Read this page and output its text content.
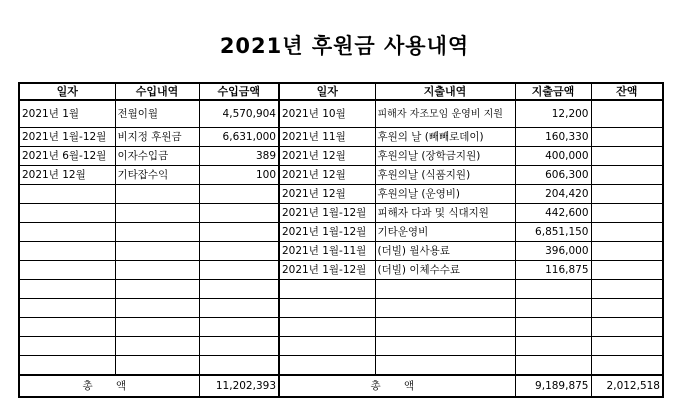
2021년 후원금 사용내역
일자	수입내역	수입금액	일자	지출내역	지출금액	잔액
2021년 1월	전월이월	4,570,904	2021년 10월	피해자 자조모임 운영비 지원	12,200	
2021년 1월-12월	비지정 후원금	6,631,000	2021년 11월	후원의 날 (빼빼로데이)	160,330	
2021년 6월-12월	이자수입금	389	2021년 12월	후원의날 (장학금지원)	400,000	
2021년 12월	기타잡수익	100	2021년 12월	후원의날 (식품지원)	606,300	
			2021년 12월	후원의날 (운영비)	204,420	
			2021년 1월-12월	피해자 다과 및 식대지원	442,600	
			2021년 1월-12월	기타운영비	6,851,150	
			2021년 1월-11월	(더빌) 월사용료	396,000	
			2021년 1월-12월	(더빌) 이체수수료	116,875	

총 액		11,202,393	총 액		9,189,875	2,012,518
